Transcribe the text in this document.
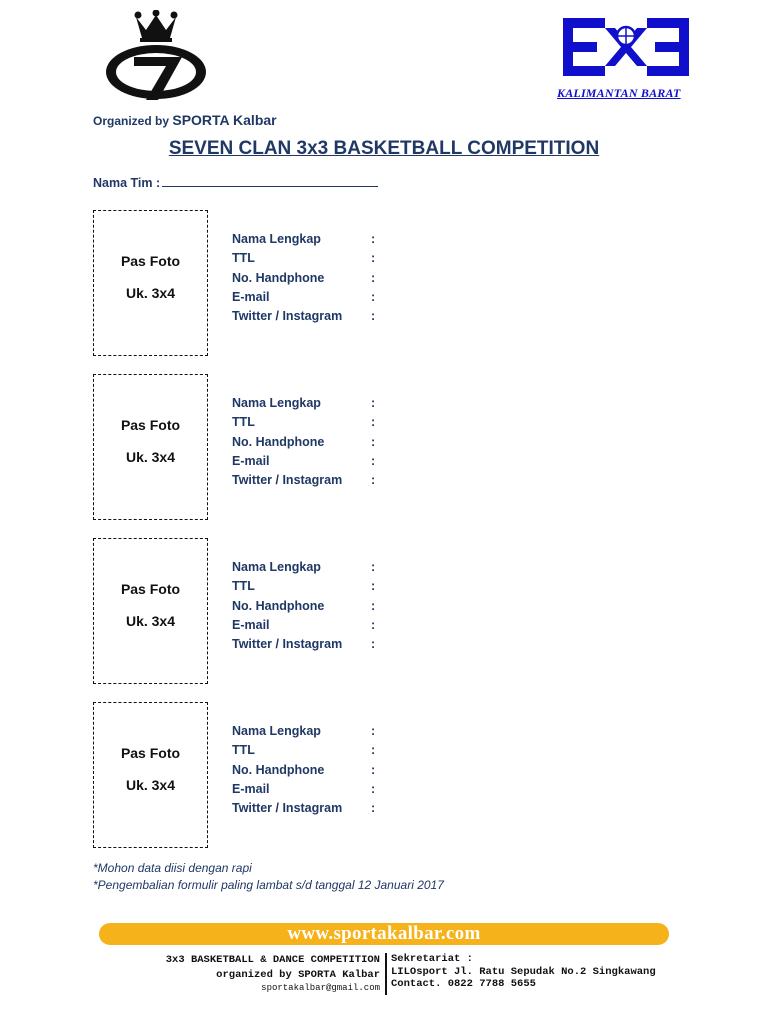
KALIMANTAN BARAT
Organized by SPORTA Kalbar
SEVEN CLAN 3x3 BASKETBALL COMPETITION
Nama Tim :
Pas Foto
Uk. 3x4
Nama Lengkap	:
TTL	:
No. Handphone	:
E-mail	:
Twitter / Instagram	:
Pas Foto
Uk. 3x4
Nama Lengkap	:
TTL	:
No. Handphone	:
E-mail	:
Twitter / Instagram	:
Pas Foto
Uk. 3x4
Nama Lengkap	:
TTL	:
No. Handphone	:
E-mail	:
Twitter / Instagram	:
Pas Foto
Uk. 3x4
Nama Lengkap	:
TTL	:
No. Handphone	:
E-mail	:
Twitter / Instagram	:
*Mohon data diisi dengan rapi
*Pengembalian formulir paling lambat s/d tanggal 12 Januari 2017
www.sportakalbar.com
3x3 BASKETBALL & DANCE COMPETITION
organized by SPORTA Kalbar
sportakalbar@gmail.com
Sekretariat :
LILOsport Jl. Ratu Sepudak No.2 Singkawang
Contact. 0822 7788 5655
